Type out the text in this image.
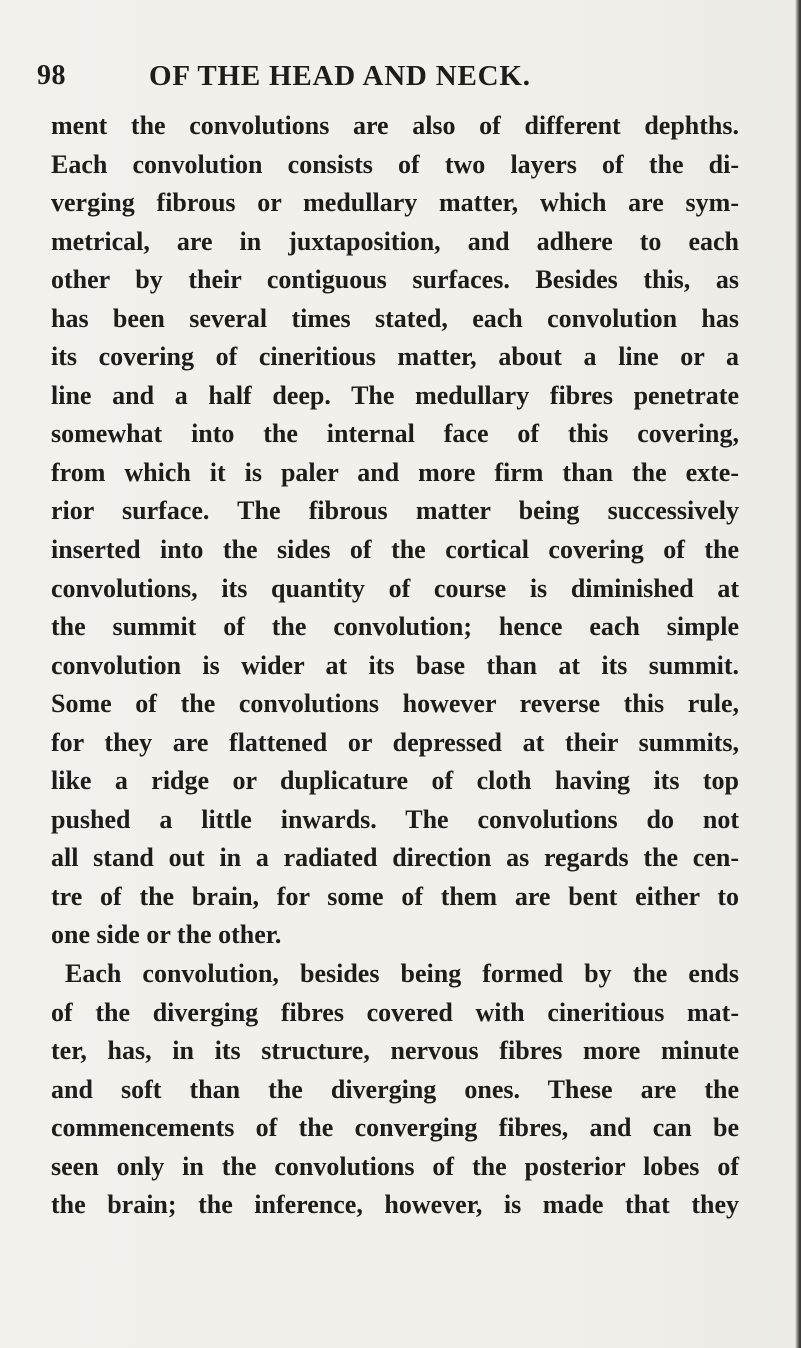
98	OF THE HEAD AND NECK.
ment the convolutions are also of different dephths.
Each convolution consists of two layers of the di-
verging fibrous or medullary matter, which are sym-
metrical, are in juxtaposition, and adhere to each
other by their contiguous surfaces. Besides this, as
has been several times stated, each convolution has
its covering of cineritious matter, about a line or a
line and a half deep. The medullary fibres penetrate
somewhat into the internal face of this covering,
from which it is paler and more firm than the exte-
rior surface. The fibrous matter being successively
inserted into the sides of the cortical covering of the
convolutions, its quantity of course is diminished at
the summit of the convolution; hence each simple
convolution is wider at its base than at its summit.
Some of the convolutions however reverse this rule,
for they are flattened or depressed at their summits,
like a ridge or duplicature of cloth having its top
pushed a little inwards. The convolutions do not
all stand out in a radiated direction as regards the cen-
tre of the brain, for some of them are bent either to
one side or the other.
Each convolution, besides being formed by the ends
of the diverging fibres covered with cineritious mat-
ter, has, in its structure, nervous fibres more minute
and soft than the diverging ones. These are the
commencements of the converging fibres, and can be
seen only in the convolutions of the posterior lobes of
the brain; the inference, however, is made that they
